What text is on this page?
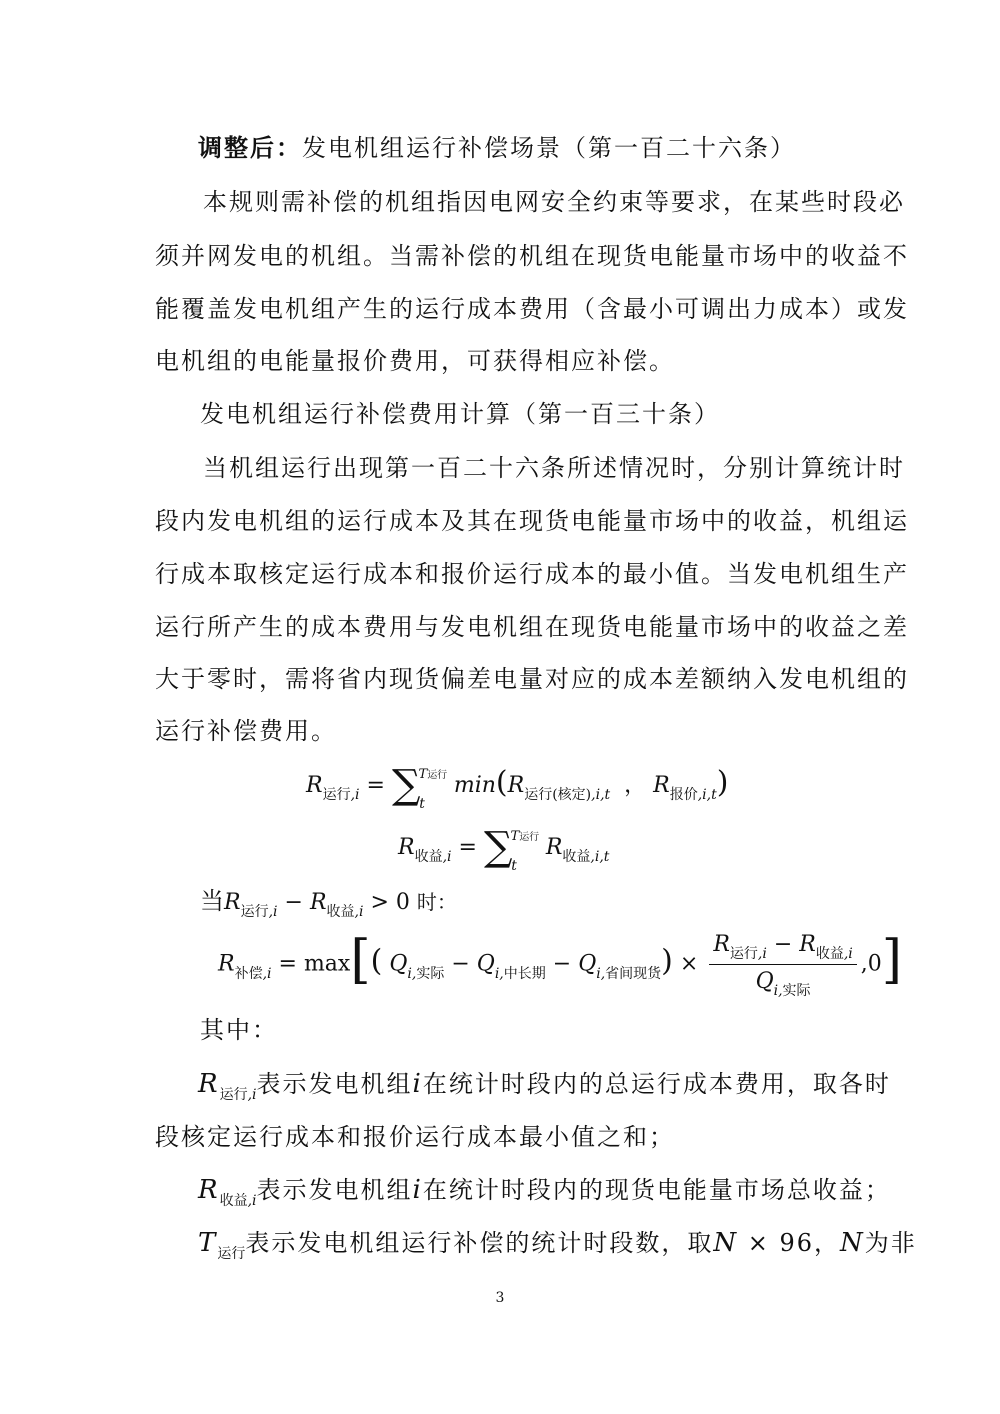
调整后：发电机组运行补偿场景（第一百二十六条）
本规则需补偿的机组指因电网安全约束等要求，在某些时段必
须并网发电的机组。当需补偿的机组在现货电能量市场中的收益不
能覆盖发电机组产生的运行成本费用（含最小可调出力成本）或发
电机组的电能量报价费用，可获得相应补偿。
发电机组运行补偿费用计算（第一百三十条）
当机组运行出现第一百二十六条所述情况时，分别计算统计时
段内发电机组的运行成本及其在现货电能量市场中的收益，机组运
行成本取核定运行成本和报价运行成本的最小值。当发电机组生产
运行所产生的成本费用与发电机组在现货电能量市场中的收益之差
大于零时，需将省内现货偏差电量对应的成本差额纳入发电机组的
运行补偿费用。
$R_{运行,i} = \sum^{T运行}_t$ $\min(R_{运行(核定),i,t}$  ， $R_{报价,i,t}$)
$R_{收益,i} = \sum^{T运行}_t$ $R_{收益,i,t}$
当$R_{运行,i} - R_{收益,i} > 0$ 时：
$R_{补偿,i} = \max$[( $Q_{i,实际} - Q_{i,中长期} - Q_{i,省间现货}) \times \frac{R_{运行,i} - R_{收益,i}}{Q_{i,实际}} ,0$]
其中：
$R_{运行,i}$表示发电机组i在统计时段内的总运行成本费用，取各时
段核定运行成本和报价运行成本最小值之和；
$R_{收益,i}$表示发电机组i在统计时段内的现货电能量市场总收益；
$T_{运行}$表示发电机组运行补偿的统计时段数，取N × 96，N为非
3
